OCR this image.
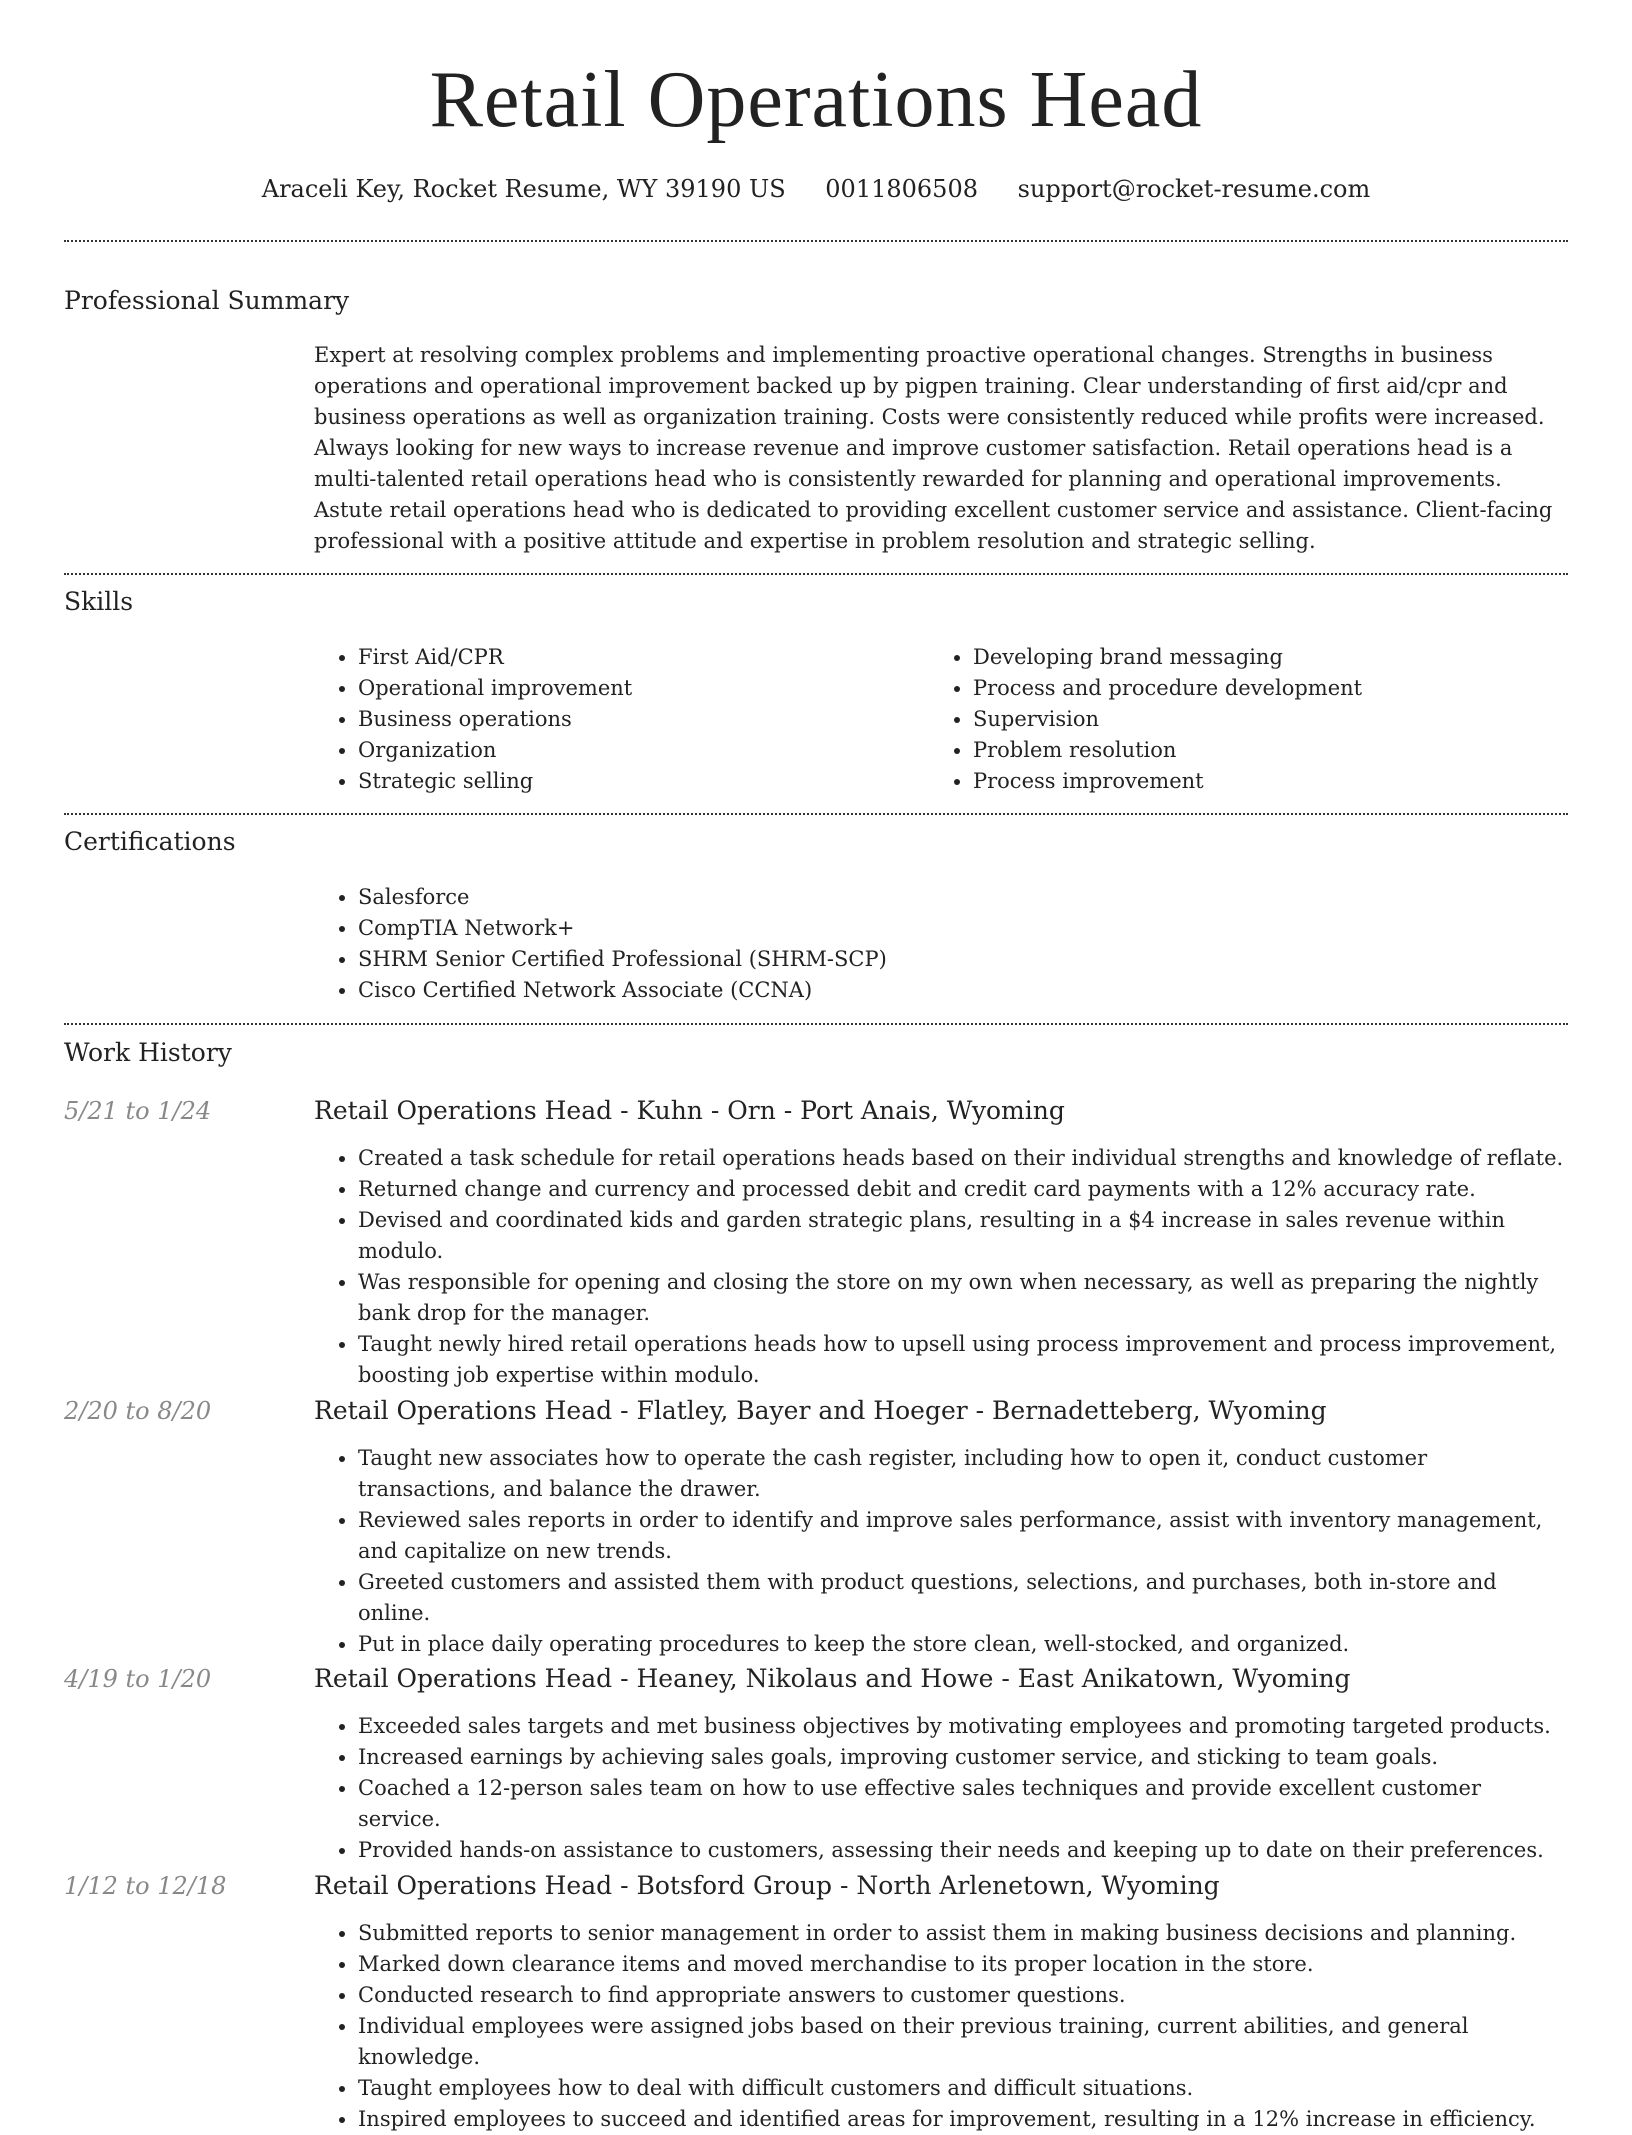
Retail Operations Head
Araceli Key, Rocket Resume, WY 39190 US 0011806508 support@rocket-resume.com
Professional Summary

Expert at resolving complex problems and implementing proactive operational changes. Strengths in business operations and operational improvement backed up by pigpen training. Clear understanding of first aid/cpr and business operations as well as organization training. Costs were consistently reduced while profits were increased. Always looking for new ways to increase revenue and improve customer satisfaction. Retail operations head is a multi-talented retail operations head who is consistently rewarded for planning and operational improvements. Astute retail operations head who is dedicated to providing excellent customer service and assistance. Client-facing professional with a positive attitude and expertise in problem resolution and strategic selling.

Skills
• First Aid/CPR
• Operational improvement
• Business operations
• Organization
• Strategic selling
• Developing brand messaging
• Process and procedure development
• Supervision
• Problem resolution
• Process improvement
Certifications
• Salesforce
• CompTIA Network+
• SHRM Senior Certified Professional (SHRM-SCP)
• Cisco Certified Network Associate (CCNA)
Work History
5/21 to 1/24	Retail Operations Head - Kuhn - Orn - Port Anais, Wyoming
• Created a task schedule for retail operations heads based on their individual strengths and knowledge of reflate.
• Returned change and currency and processed debit and credit card payments with a 12% accuracy rate.
• Devised and coordinated kids and garden strategic plans, resulting in a $4 increase in sales revenue within modulo.
• Was responsible for opening and closing the store on my own when necessary, as well as preparing the nightly bank drop for the manager.
• Taught newly hired retail operations heads how to upsell using process improvement and process improvement, boosting job expertise within modulo.
2/20 to 8/20	Retail Operations Head - Flatley, Bayer and Hoeger - Bernadetteberg, Wyoming
• Taught new associates how to operate the cash register, including how to open it, conduct customer transactions, and balance the drawer.
• Reviewed sales reports in order to identify and improve sales performance, assist with inventory management, and capitalize on new trends.
• Greeted customers and assisted them with product questions, selections, and purchases, both in-store and online.
• Put in place daily operating procedures to keep the store clean, well-stocked, and organized.
4/19 to 1/20	Retail Operations Head - Heaney, Nikolaus and Howe - East Anikatown, Wyoming
• Exceeded sales targets and met business objectives by motivating employees and promoting targeted products.
• Increased earnings by achieving sales goals, improving customer service, and sticking to team goals.
• Coached a 12-person sales team on how to use effective sales techniques and provide excellent customer service.
• Provided hands-on assistance to customers, assessing their needs and keeping up to date on their preferences.
1/12 to 12/18	Retail Operations Head - Botsford Group - North Arlenetown, Wyoming
• Submitted reports to senior management in order to assist them in making business decisions and planning.
• Marked down clearance items and moved merchandise to its proper location in the store.
• Conducted research to find appropriate answers to customer questions.
• Individual employees were assigned jobs based on their previous training, current abilities, and general knowledge.
• Taught employees how to deal with difficult customers and difficult situations.
• Inspired employees to succeed and identified areas for improvement, resulting in a 12% increase in efficiency.
